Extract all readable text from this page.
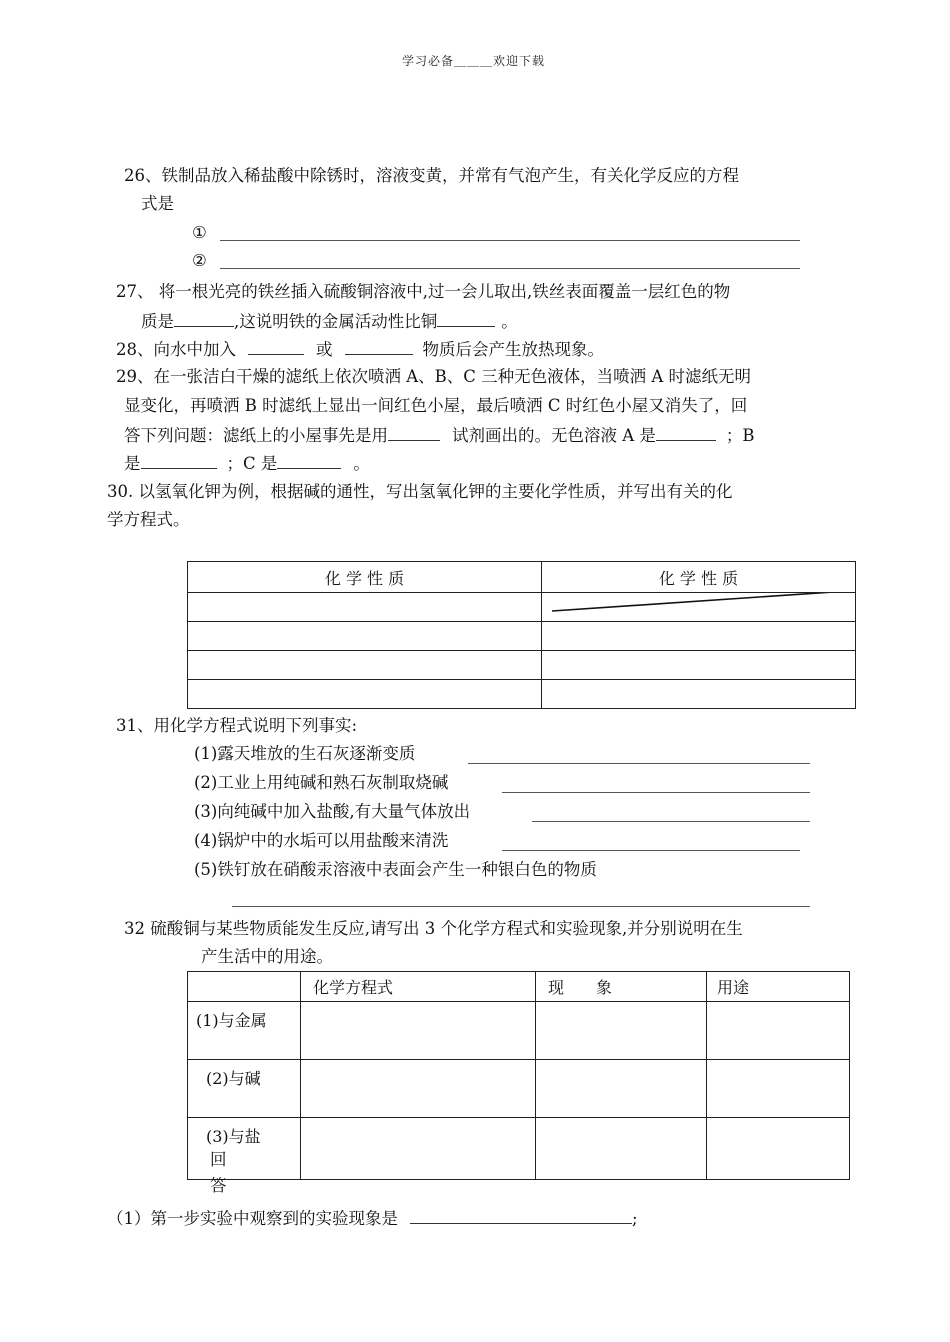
学习必备＿＿＿欢迎下载
26、铁制品放入稀盐酸中除锈时，溶液变黄，并常有气泡产生，有关化学反应的方程
式是
①
②
27、 将一根光亮的铁丝插入硫酸铜溶液中,过一会儿取出,铁丝表面覆盖一层红色的物
质是	,这说明铁的金属活动性比铜	。
28、向水中加入	或	物质后会产生放热现象。
29、在一张洁白干燥的滤纸上依次喷洒 A、B、C 三种无色液体，当喷洒 A 时滤纸无明
显变化，再喷洒 B 时滤纸上显出一间红色小屋，最后喷洒 C 时红色小屋又消失了，回
答下列问题：滤纸上的小屋事先是用	试剂画出的。无色溶液 A 是	；B
是	；C 是	。
30. 以氢氧化钾为例，根据碱的通性，写出氢氧化钾的主要化学性质，并写出有关的化
学方程式。
化 学 性 质	化 学 性 质

31、用化学方程式说明下列事实:
(1)露天堆放的生石灰逐渐变质
(2)工业上用纯碱和熟石灰制取烧碱
(3)向纯碱中加入盐酸,有大量气体放出
(4)锅炉中的水垢可以用盐酸来清洗
(5)铁钉放在硝酸汞溶液中表面会产生一种银白色的物质
32 硫酸铜与某些物质能发生反应,请写出 3 个化学方程式和实验现象,并分别说明在生
产生活中的用途。
	化学方程式	现　　象	用途
(1)与金属			
(2)与碱			
(3)与盐			
回
答
（1）第一步实验中观察到的实验现象是	;
